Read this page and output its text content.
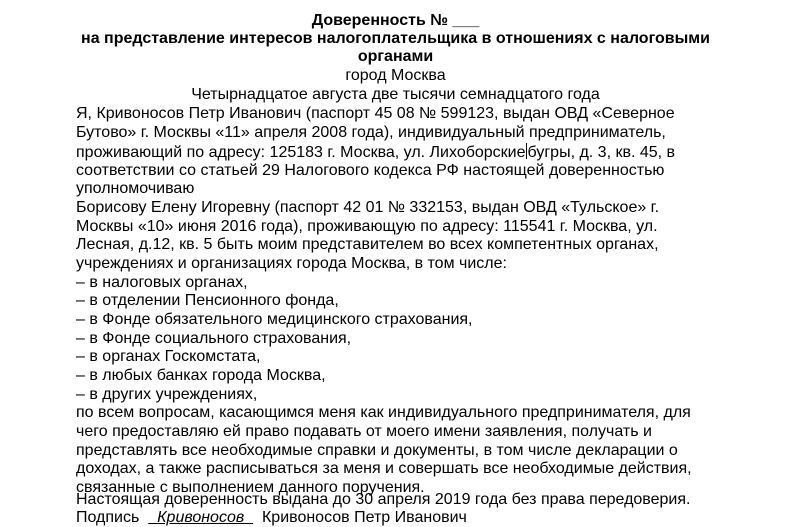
Доверенность № ___
на представление интересов налогоплательщика в отношениях с налоговыми
органами
город Москва
Четырнадцатое августа две тысячи семнадцатого года
Я, Кривоносов Петр Иванович (паспорт 45 08 № 599123, выдан ОВД «Северное
Бутово» г. Москвы «11» апреля 2008 года), индивидуальный предприниматель,
проживающий по адресу: 125183 г. Москва, ул. Лихоборские бугры, д. 3, кв. 45, в
соответствии со статьей 29 Налогового кодекса РФ настоящей доверенностью
уполномочиваю
Борисову Елену Игоревну (паспорт 42 01 № 332153, выдан ОВД «Тульское» г.
Москвы «10» июня 2016 года), проживающую по адресу: 115541 г. Москва, ул.
Лесная, д.12, кв. 5 быть моим представителем во всех компетентных органах,
учреждениях и организациях города Москва, в том числе:
– в налоговых органах,
– в отделении Пенсионного фонда,
– в Фонде обязательного медицинского страхования,
– в Фонде социального страхования,
– в органах Госкомстата,
– в любых банках города Москва,
– в других учреждениях,
по всем вопросам, касающимся меня как индивидуального предпринимателя, для
чего предоставляю ей право подавать от моего имени заявления, получать и
представлять все необходимые справки и документы, в том числе декларации о
доходах, а также расписываться за меня и совершать все необходимые действия,
связанные с выполнением данного поручения.
Настоящая доверенность выдана до 30 апреля 2019 года без права передоверия.
Подпись Кривоносов Кривоносов Петр Иванович
